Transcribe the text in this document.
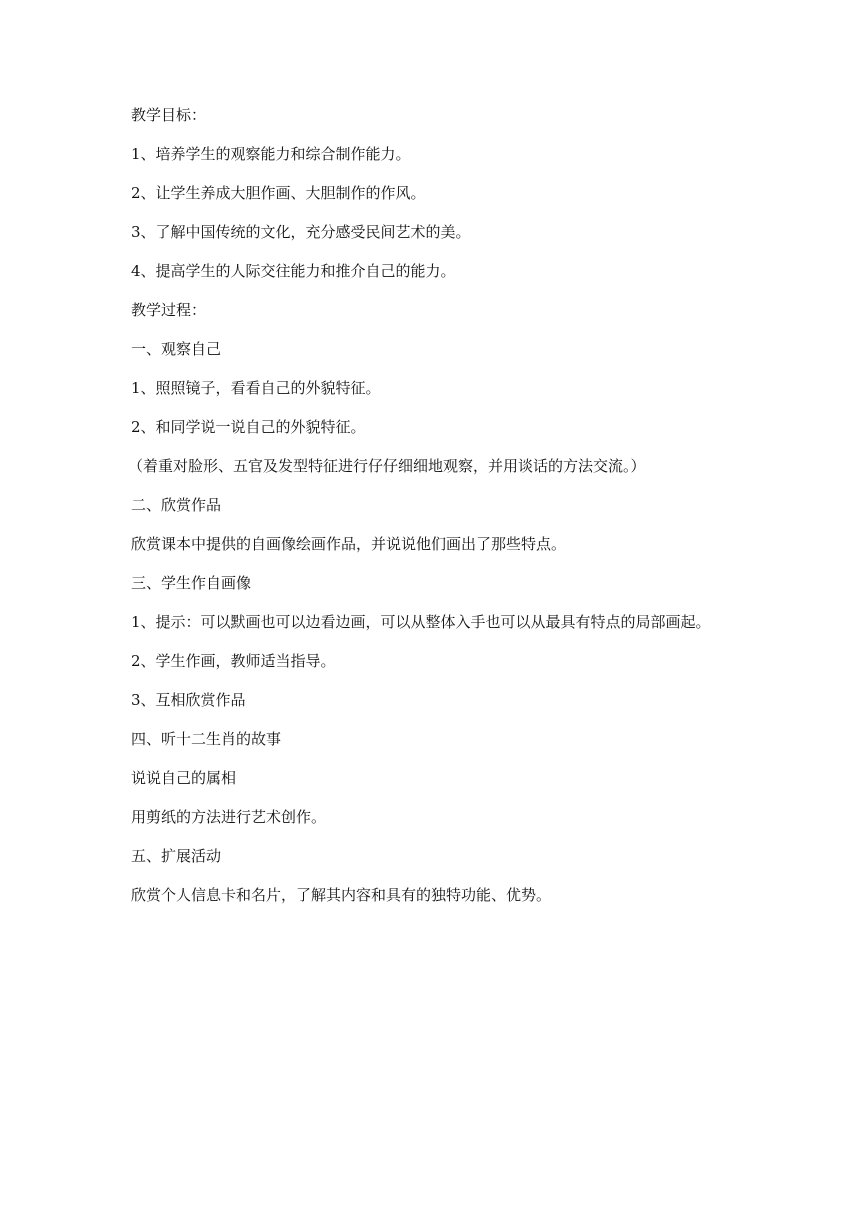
教学目标：

1、培养学生的观察能力和综合制作能力。

2、让学生养成大胆作画、大胆制作的作风。

3、了解中国传统的文化，充分感受民间艺术的美。

4、提高学生的人际交往能力和推介自己的能力。

教学过程：

一、观察自己

1、照照镜子，看看自己的外貌特征。

2、和同学说一说自己的外貌特征。

（着重对脸形、五官及发型特征进行仔仔细细地观察，并用谈话的方法交流。）

二、欣赏作品

欣赏课本中提供的自画像绘画作品，并说说他们画出了那些特点。

三、学生作自画像

1、提示：可以默画也可以边看边画，可以从整体入手也可以从最具有特点的局部画起。

2、学生作画，教师适当指导。

3、互相欣赏作品

四、听十二生肖的故事

说说自己的属相

用剪纸的方法进行艺术创作。

五、扩展活动

欣赏个人信息卡和名片，了解其内容和具有的独特功能、优势。
